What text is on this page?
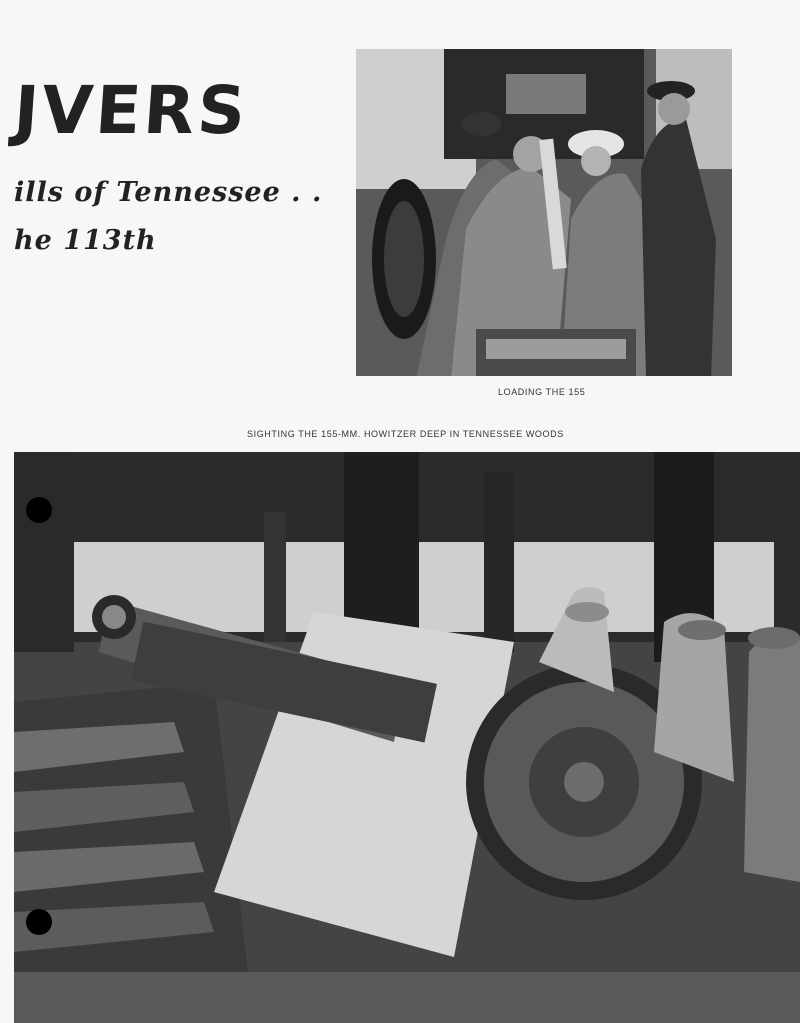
JVERS
ills of Tennessee . .
he 113th
LOADING THE 155
SIGHTING THE 155-MM. HOWITZER DEEP IN TENNESSEE WOODS
